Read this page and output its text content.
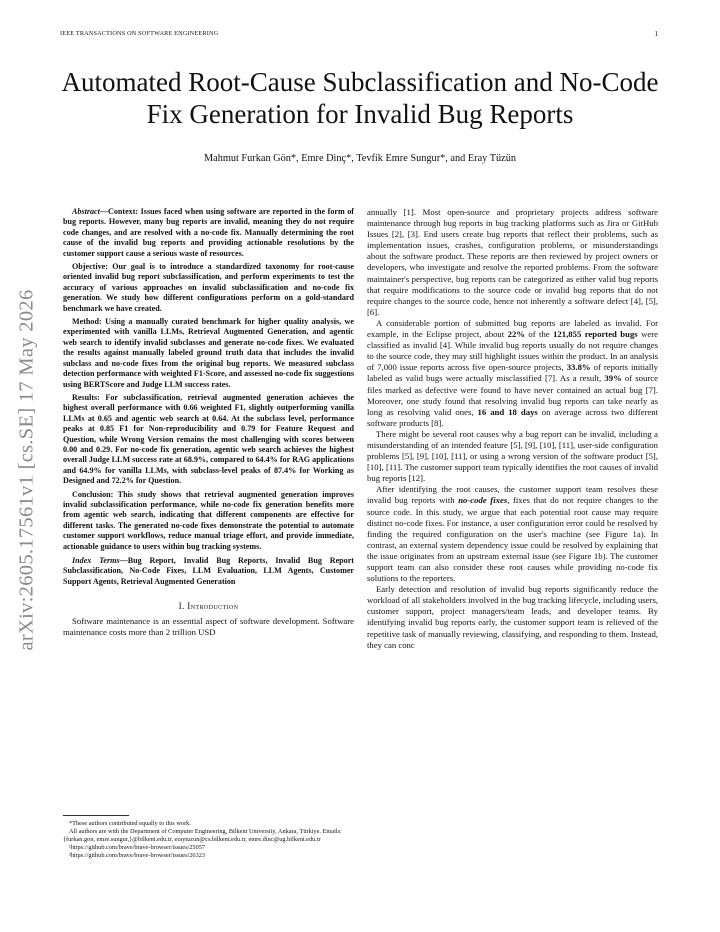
IEEE TRANSACTIONS ON SOFTWARE ENGINEERING	1
arXiv:2605.17561v1 [cs.SE] 17 May 2026
Automated Root-Cause Subclassification and No-Code Fix Generation for Invalid Bug Reports
Mahmut Furkan Gön*, Emre Dinç*, Tevfik Emre Sungur*, and Eray Tüzün

Abstract—Context: Issues faced when using software are reported in the form of bug reports. However, many bug reports are invalid, meaning they do not require code changes, and are resolved with a no-code fix. Manually determining the root cause of the invalid bug reports and providing actionable resolutions by the customer support cause a serious waste of resources.

Objective: Our goal is to introduce a standardized taxonomy for root-cause oriented invalid bug report subclassification, and perform experiments to test the accuracy of various approaches on invalid subclassification and no-code fix generation. We study how different configurations perform on a gold-standard benchmark we have created.

Method: Using a manually curated benchmark for higher quality analysis, we experimented with vanilla LLMs, Retrieval Augmented Generation, and agentic web search to identify invalid subclasses and generate no-code fixes. We evaluated the results against manually labeled ground truth data that includes the invalid subclass and no-code fixes from the original bug reports. We measured subclass detection performance with weighted F1-Score, and assessed no-code fix suggestions using BERTScore and Judge LLM success rates.

Results: For subclassification, retrieval augmented generation achieves the highest overall performance with 0.66 weighted F1, slightly outperforming vanilla LLMs at 0.65 and agentic web search at 0.64. At the subclass level, performance peaks at 0.85 F1 for Non-reproducibility and 0.79 for Feature Request and Question, while Wrong Version remains the most challenging with scores between 0.00 and 0.29. For no-code fix generation, agentic web search achieves the highest overall Judge LLM success rate at 68.9%, compared to 64.4% for RAG applications and 64.9% for vanilla LLMs, with subclass-level peaks of 87.4% for Working as Designed and 72.2% for Question.

Conclusion: This study shows that retrieval augmented generation improves invalid subclassification performance, while no-code fix generation benefits more from agentic web search, indicating that different components are effective for different tasks. The generated no-code fixes demonstrate the potential to automate customer support workflows, reduce manual triage effort, and provide immediate, actionable guidance to users within bug tracking systems.

Index Terms—Bug Report, Invalid Bug Reports, Invalid Bug Report Subclassification, No-Code Fixes, LLM Evaluation, LLM Agents, Customer Support Agents, Retrieval Augmented Generation

I. Introduction

Software maintenance is an essential aspect of software development. Software maintenance costs more than 2 trillion USD

annually [1]. Most open-source and proprietary projects address software maintenance through bug reports in bug tracking platforms such as Jira or GitHub Issues [2], [3]. End users create bug reports that reflect their problems, such as implementation issues, crashes, configuration problems, or misunderstandings about the software product. These reports are then reviewed by project owners or developers, who investigate and resolve the reported problems. From the software maintainer's perspective, bug reports can be categorized as either valid bug reports that require modifications to the source code or invalid bug reports that do not require changes to the source code, hence not inherently a software defect [4], [5], [6].

A considerable portion of submitted bug reports are labeled as invalid. For example, in the Eclipse project, about 22% of the 121,855 reported bugs were classified as invalid [4]. While invalid bug reports usually do not require changes to the source code, they may still highlight issues within the product. In an analysis of 7,000 issue reports across five open-source projects, 33.8% of reports initially labeled as valid bugs were actually misclassified [7]. As a result, 39% of source files marked as defective were found to have never contained an actual bug [7]. Moreover, one study found that resolving invalid bug reports can take nearly as long as resolving valid ones, 16 and 18 days on average across two different software products [8].

There might be several root causes why a bug report can be invalid, including a misunderstanding of an intended feature [5], [9], [10], [11], user-side configuration problems [5], [9], [10], [11], or using a wrong version of the software product [5], [10], [11]. The customer support team typically identifies the root causes of invalid bug reports [12].

After identifying the root causes, the customer support team resolves these invalid bug reports with no-code fixes, fixes that do not require changes to the source code. In this study, we argue that each potential root cause may require distinct no-code fixes. For instance, a user configuration error could be resolved by finding the required configuration on the user's machine (see Figure 1a). In contrast, an external system dependency issue could be resolved by explaining that the issue originates from an upstream external issue (see Figure 1b). The customer support team can also consider these root causes while providing no-code fix solutions to the reporters.

Early detection and resolution of invalid bug reports significantly reduce the workload of all stakeholders involved in the bug tracking lifecycle, including users, customer support, project managers/team leads, and developer teams. By identifying invalid bug reports early, the customer support team is relieved of the repetitive task of manually reviewing, classifying, and responding to them. Instead, they can conc

*These authors contributed equally to this work.

All authors are with the Department of Computer Engineering, Bilkent University, Ankara, Türkiye. Emails: {furkan.gon, emre.sungur,}@bilkent.edu.tr, eraytuzun@cs.bilkent.edu.tr, emre.dinc@ug.bilkent.edu.tr

¹https://github.com/brave/brave-browser/issues/25057

²https://github.com/brave/brave-browser/issues/26323
